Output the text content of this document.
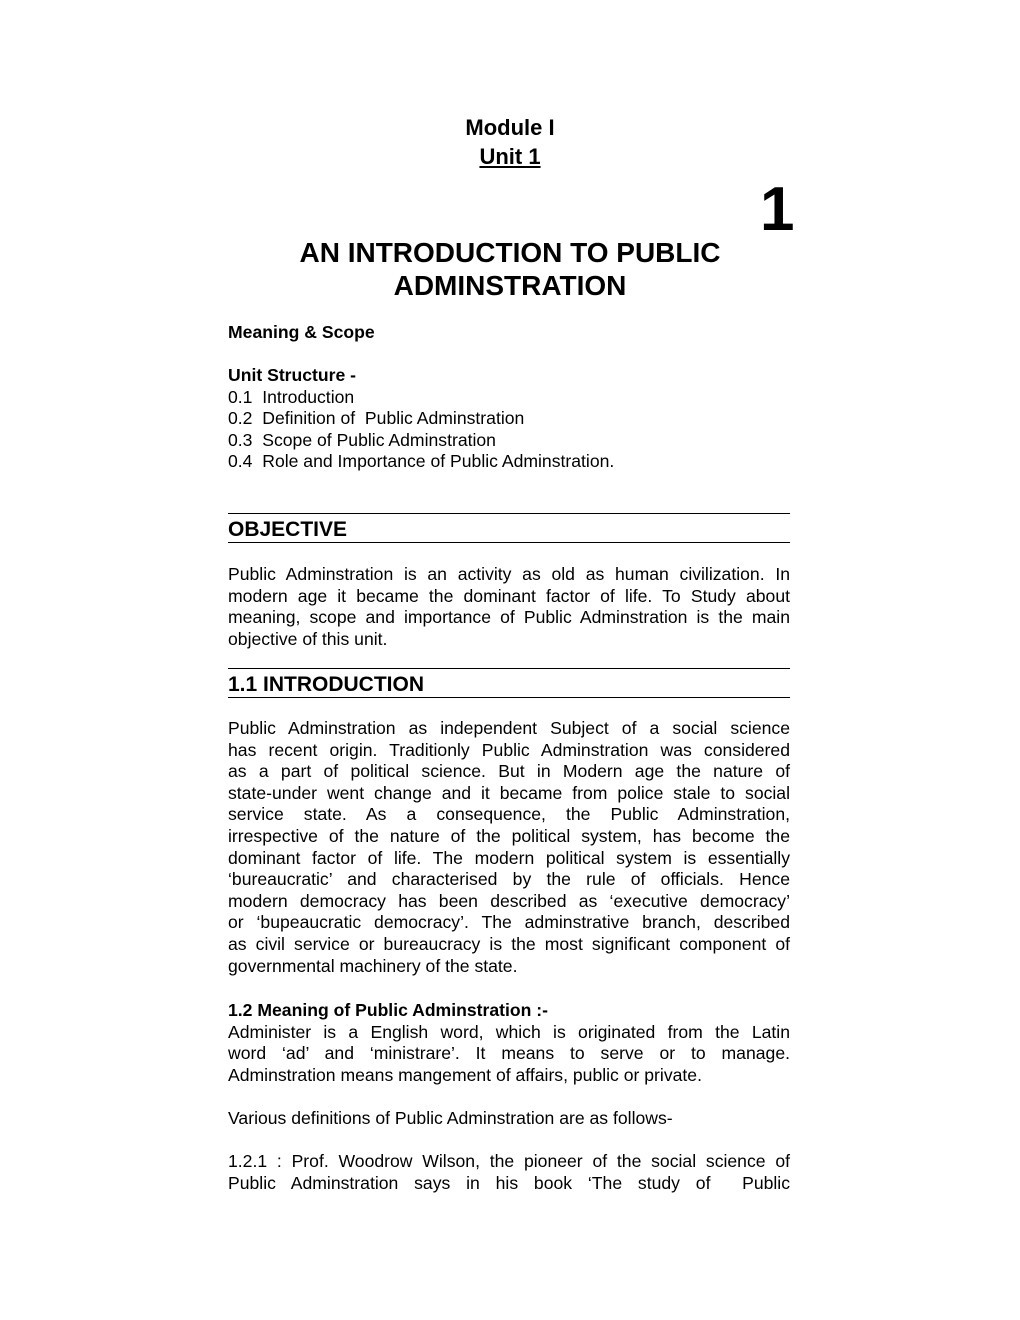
Module I
Unit 1
1
AN INTRODUCTION TO PUBLIC
ADMINSTRATION
Meaning & Scope
Unit Structure -
0.1  Introduction
0.2  Definition of  Public Adminstration
0.3  Scope of Public Adminstration
0.4  Role and Importance of Public Adminstration.
OBJECTIVE
Public Adminstration is an activity as old as human civilization. In
modern age it became the dominant factor of life. To Study about
meaning, scope and importance of Public Adminstration is the main
objective of this unit.
1.1 INTRODUCTION
Public Adminstration as independent Subject of a social science
has recent origin. Traditionly Public Adminstration was considered
as a part of political science. But in Modern age the nature of
state-under went change and it became from police stale to social
service state. As a consequence, the Public Adminstration,
irrespective of the nature of the political system, has become the
dominant factor of life. The modern political system is essentially
‘bureaucratic’ and characterised by the rule of officials. Hence
modern democracy has been described as ‘executive democracy’
or ‘bupeaucratic democracy’. The adminstrative branch, described
as civil service or bureaucracy is the most significant component of
governmental machinery of the state.
1.2 Meaning of Public Adminstration :-
Administer is a English word, which is originated from the Latin
word ‘ad’ and ‘ministrare’. It means to serve or to manage.
Adminstration means mangement of affairs, public or private.
Various definitions of Public Adminstration are as follows-
1.2.1 : Prof. Woodrow Wilson, the pioneer of the social science of
Public  Adminstration  says  in  his  book  ‘The  study  of    Public
